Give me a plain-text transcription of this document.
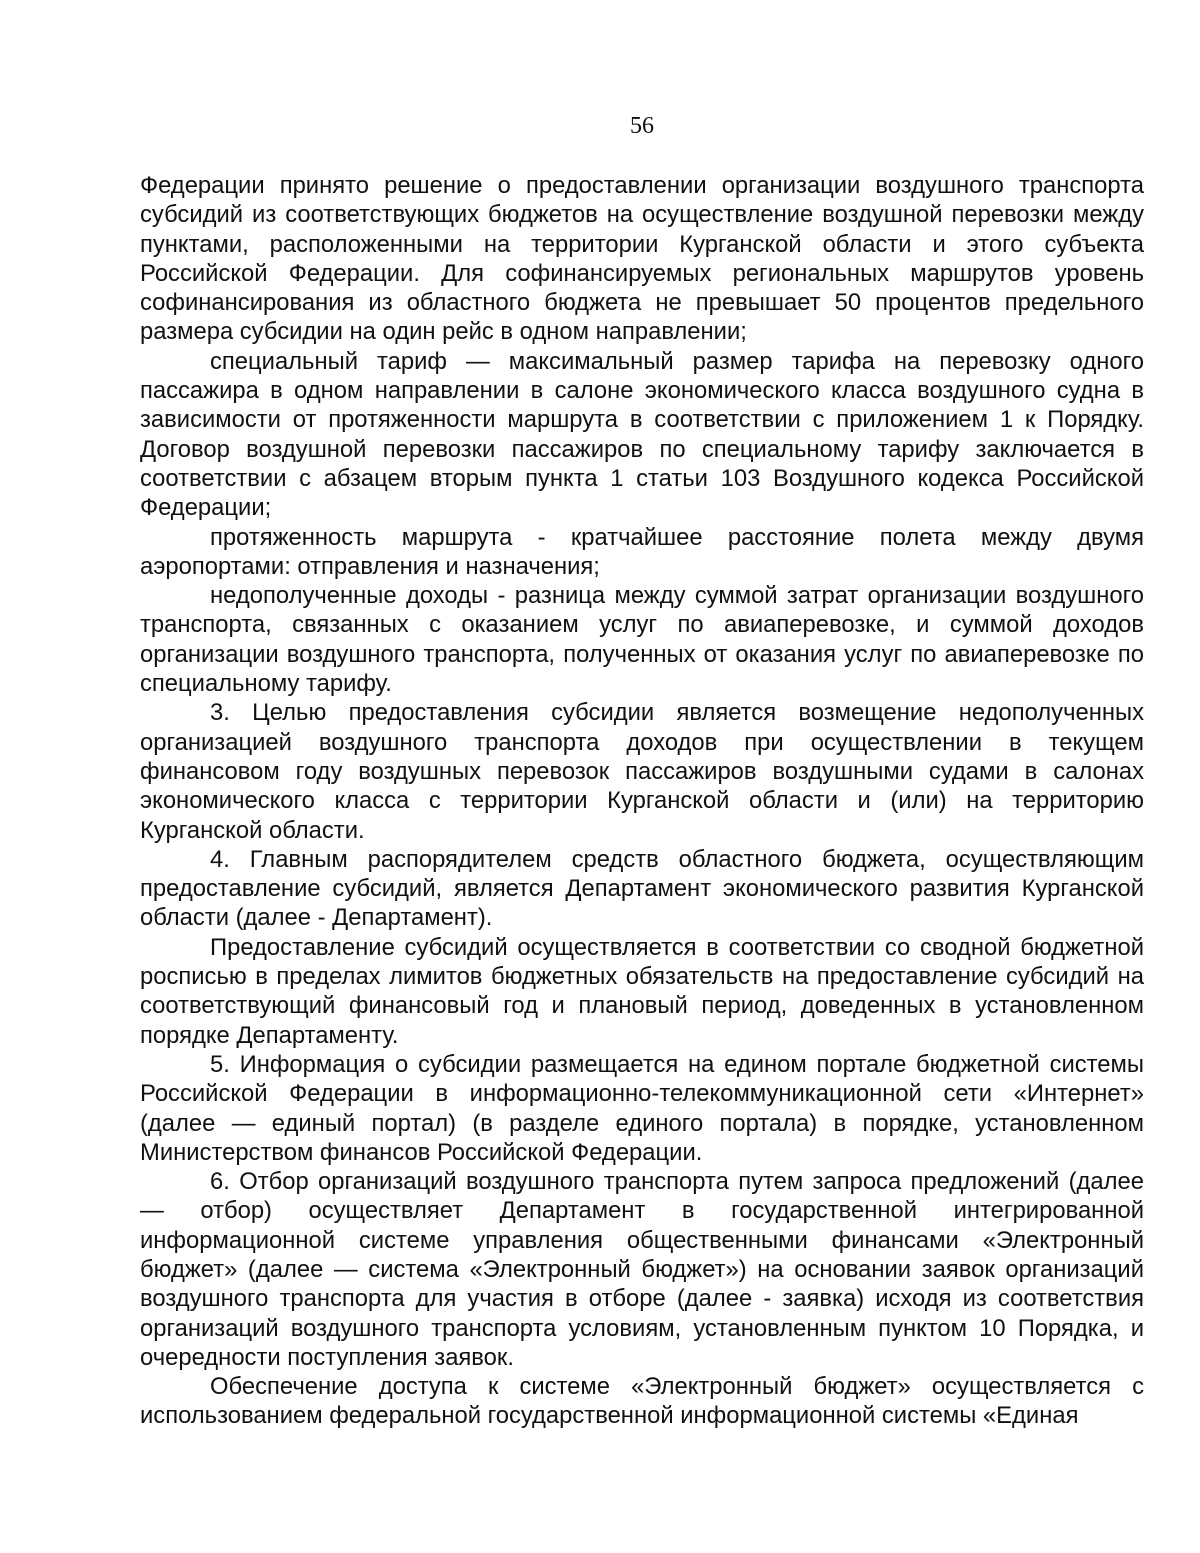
56

Федерации принято решение о предоставлении организации воздушного транспорта субсидий из соответствующих бюджетов на осуществление воздушной перевозки между пунктами, расположенными на территории Курганской области и этого субъекта Российской Федерации. Для софинансируемых региональных маршрутов уровень софинансирования из областного бюджета не превышает 50 процентов предельного размера субсидии на один рейс в одном направлении;

специальный тариф — максимальный размер тарифа на перевозку одного пассажира в одном направлении в салоне экономического класса воздушного судна в зависимости от протяженности маршрута в соответствии с приложением 1 к Порядку. Договор воздушной перевозки пассажиров по специальному тарифу заключается в соответствии с абзацем вторым пункта 1 статьи 103 Воздушного кодекса Российской Федерации;

протяженность маршрута - кратчайшее расстояние полета между двумя аэропортами: отправления и назначения;

недополученные доходы - разница между суммой затрат организации воздушного транспорта, связанных с оказанием услуг по авиаперевозке, и суммой доходов организации воздушного транспорта, полученных от оказания услуг по авиаперевозке по специальному тарифу.

3. Целью предоставления субсидии является возмещение недополученных организацией воздушного транспорта доходов при осуществлении в текущем финансовом году воздушных перевозок пассажиров воздушными судами в салонах экономического класса с территории Курганской области и (или) на территорию Курганской области.

4. Главным распорядителем средств областного бюджета, осуществляющим предоставление субсидий, является Департамент экономического развития Курганской области (далее - Департамент).

Предоставление субсидий осуществляется в соответствии со сводной бюджетной росписью в пределах лимитов бюджетных обязательств на предоставление субсидий на соответствующий финансовый год и плановый период, доведенных в установленном порядке Департаменту.

5. Информация о субсидии размещается на едином портале бюджетной системы Российской Федерации в информационно-телекоммуникационной сети «Интернет» (далее — единый портал) (в разделе единого портала) в порядке, установленном Министерством финансов Российской Федерации.

6. Отбор организаций воздушного транспорта путем запроса предложений (далее — отбор) осуществляет Департамент в государственной интегрированной информационной системе управления общественными финансами «Электронный бюджет» (далее — система «Электронный бюджет») на основании заявок организаций воздушного транспорта для участия в отборе (далее - заявка) исходя из соответствия организаций воздушного транспорта условиям, установленным пунктом 10 Порядка, и очередности поступления заявок.

Обеспечение доступа к системе «Электронный бюджет» осуществляется с использованием федеральной государственной информационной системы «Единая
